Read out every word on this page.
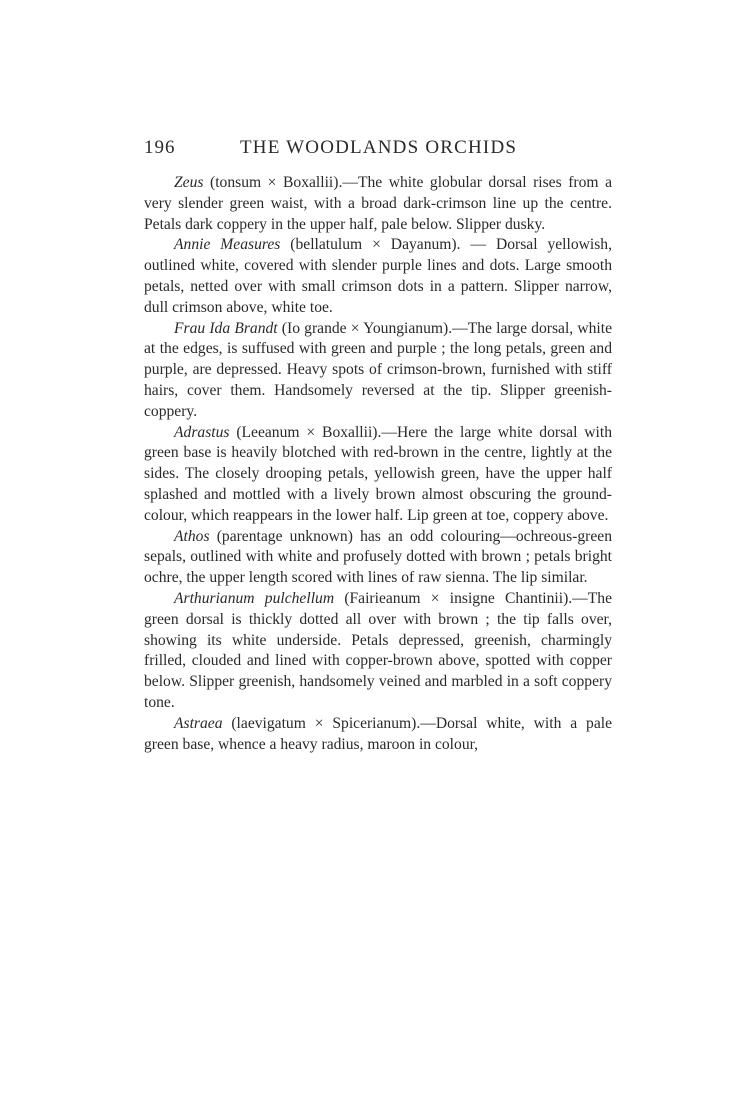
196	THE WOODLANDS ORCHIDS

Zeus (tonsum × Boxallii).—The white globular dorsal rises from a very slender green waist, with a broad dark-crimson line up the centre. Petals dark coppery in the upper half, pale below. Slipper dusky.

Annie Measures (bellatulum × Dayanum). — Dorsal yellowish, outlined white, covered with slender purple lines and dots. Large smooth petals, netted over with small crimson dots in a pattern. Slipper narrow, dull crimson above, white toe.

Frau Ida Brandt (Io grande × Youngianum).—The large dorsal, white at the edges, is suffused with green and purple ; the long petals, green and purple, are depressed. Heavy spots of crimson-brown, furnished with stiff hairs, cover them. Handsomely reversed at the tip. Slipper greenish-coppery.

Adrastus (Leeanum × Boxallii).—Here the large white dorsal with green base is heavily blotched with red-brown in the centre, lightly at the sides. The closely drooping petals, yellowish green, have the upper half splashed and mottled with a lively brown almost obscuring the ground-colour, which reappears in the lower half. Lip green at toe, coppery above.

Athos (parentage unknown) has an odd colouring—ochreous-green sepals, outlined with white and profusely dotted with brown ; petals bright ochre, the upper length scored with lines of raw sienna. The lip similar.

Arthurianum pulchellum (Fairieanum × insigne Chantinii).—The green dorsal is thickly dotted all over with brown ; the tip falls over, showing its white underside. Petals depressed, greenish, charmingly frilled, clouded and lined with copper-brown above, spotted with copper below. Slipper greenish, handsomely veined and marbled in a soft coppery tone.

Astraea (laevigatum × Spicerianum).—Dorsal white, with a pale green base, whence a heavy radius, maroon in colour,
